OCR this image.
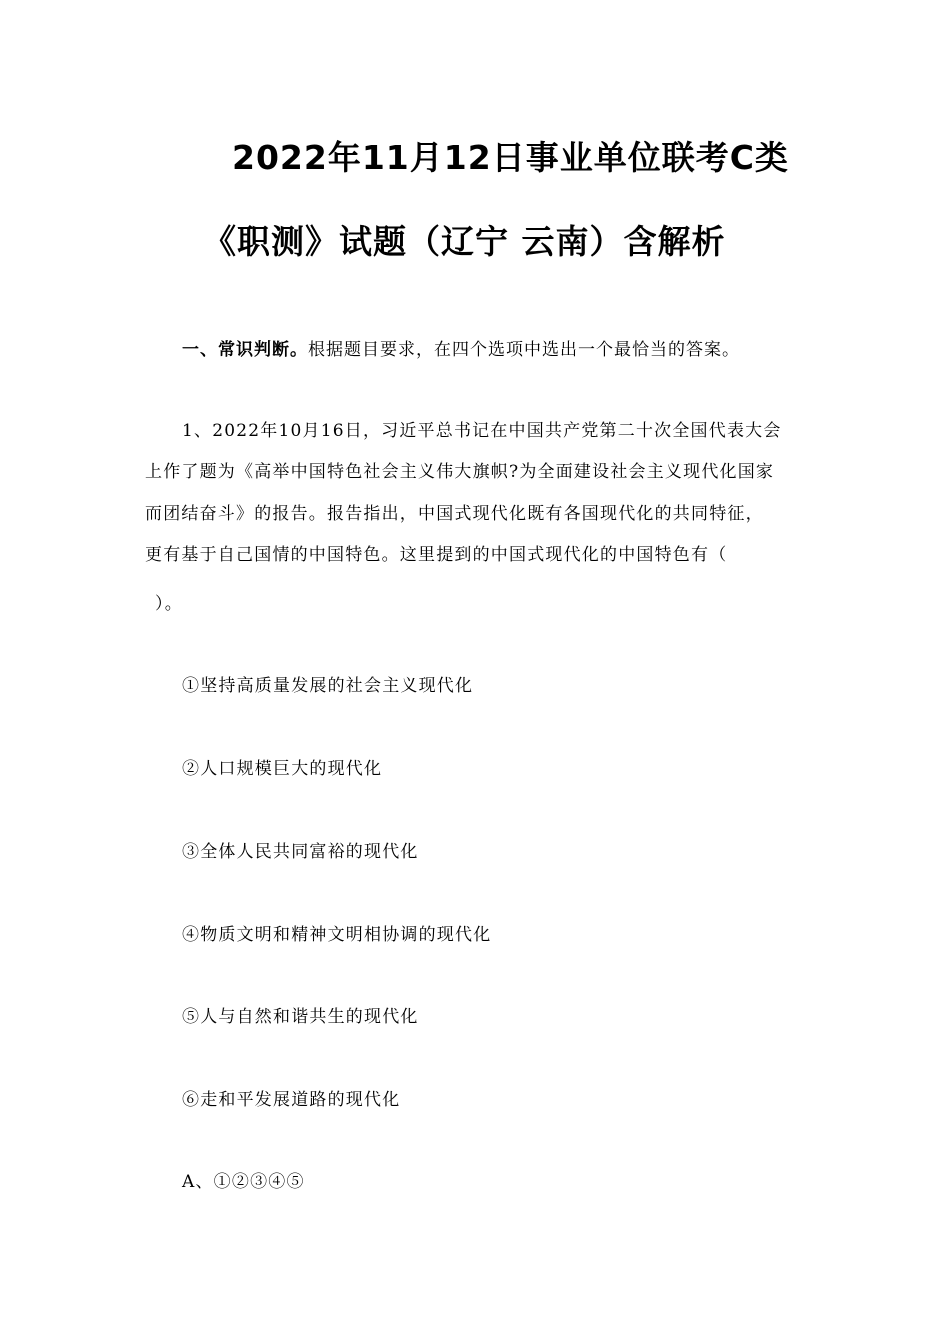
2022年11月12日事业单位联考C类
《职测》试题（辽宁 云南）含解析
一、常识判断。根据题目要求，在四个选项中选出一个最恰当的答案。
1、2022年10月16日，习近平总书记在中国共产党第二十次全国代表大会
上作了题为《高举中国特色社会主义伟大旗帜?为全面建设社会主义现代化国家
而团结奋斗》的报告。报告指出，中国式现代化既有各国现代化的共同特征，
更有基于自己国情的中国特色。这里提到的中国式现代化的中国特色有（
）。
①坚持高质量发展的社会主义现代化
②人口规模巨大的现代化
③全体人民共同富裕的现代化
④物质文明和精神文明相协调的现代化
⑤人与自然和谐共生的现代化
⑥走和平发展道路的现代化
A、①②③④⑤
